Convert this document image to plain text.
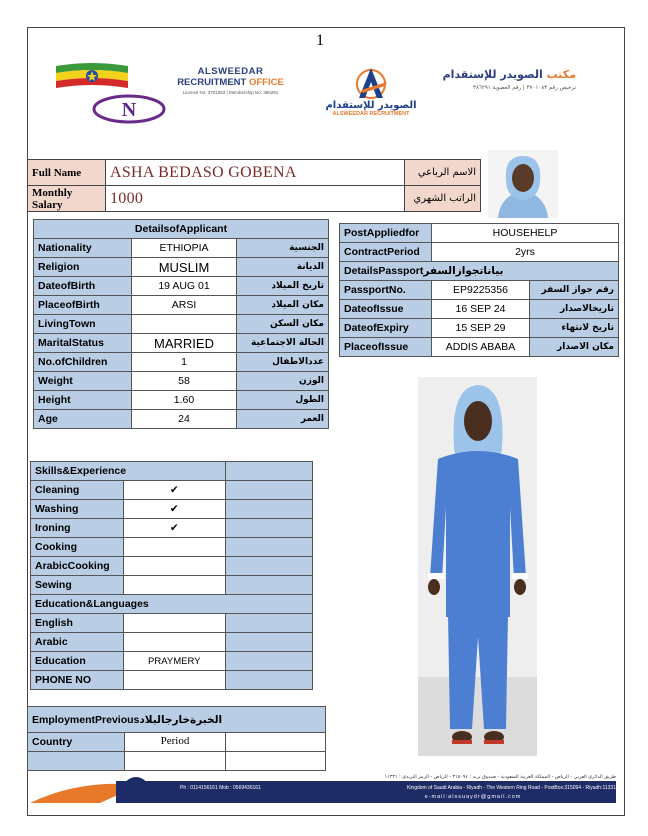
1
N
ALSWEEDAR
RECRUITMENT OFFICE
License No: 3701083 | Membership No: 386291
الصويدر للإستقدام
ALSWEEDAR RECRUITMENT
مكتب الصويدر للإستقدام
ترخيص رقم ٣٧٠١٠٨٣ | رقم العضوية ٣٨٦٢٩١
Full Name	ASHA BEDASO GOBENA	الاسم الرباعي
Monthly Salary	1000	الراتب الشهري
DetailsofApplicant		
Nationality	ETHIOPIA	الجنسية
Religion	MUSLIM	الديانة
DateofBirth	19 AUG 01	تاريخ الميلاد
PlaceofBirth	ARSI	مكان الميلاد
LivingTown		مكان السكن
MaritalStatus	MARRIED	الحالة الاجتماعية
No.ofChildren	1	عددالاطفال
Weight	58	الوزن
Height	1.60	الطول
Age	24	العمر
PostAppliedfor	HOUSEHELP	
ContractPeriod	2yrs	
DetailsPassportبياناتجوازالسفر		
PassportNo.	EP9225356	رقم جواز السفر
DateofIssue	16 SEP 24	تاريخالاصدار
DateofExpiry	15 SEP 29	تاريخ لانتهاء
PlaceofIssue	ADDIS ABABA	مكان الاصدار
Skills&Experience		
Cleaning	✔	
Washing	✔	
Ironing	✔	
Cooking		
ArabicCooking		
Sewing		
Education&Languages		
English		
Arabic		
Education	PRAYMERY	
PHONE NO		
EmploymentPreviousالخبرةخارجالبلاد		
Country	Period	

طريق الدائري الغربي - الرياض - المملكة العربية السعودية - صندوق بريد : ٣١٥٠٩٤ - الرياض - الرمز البريدي : ١١٣٣١
Ph : 0114156161 Mob : 0569436161	Kingdom of Saudi Arabia - Riyadh - The Western Ring Road - PostBox:315094 - Riyadh:11331
e-mail:alssuaydr@gmail.com
